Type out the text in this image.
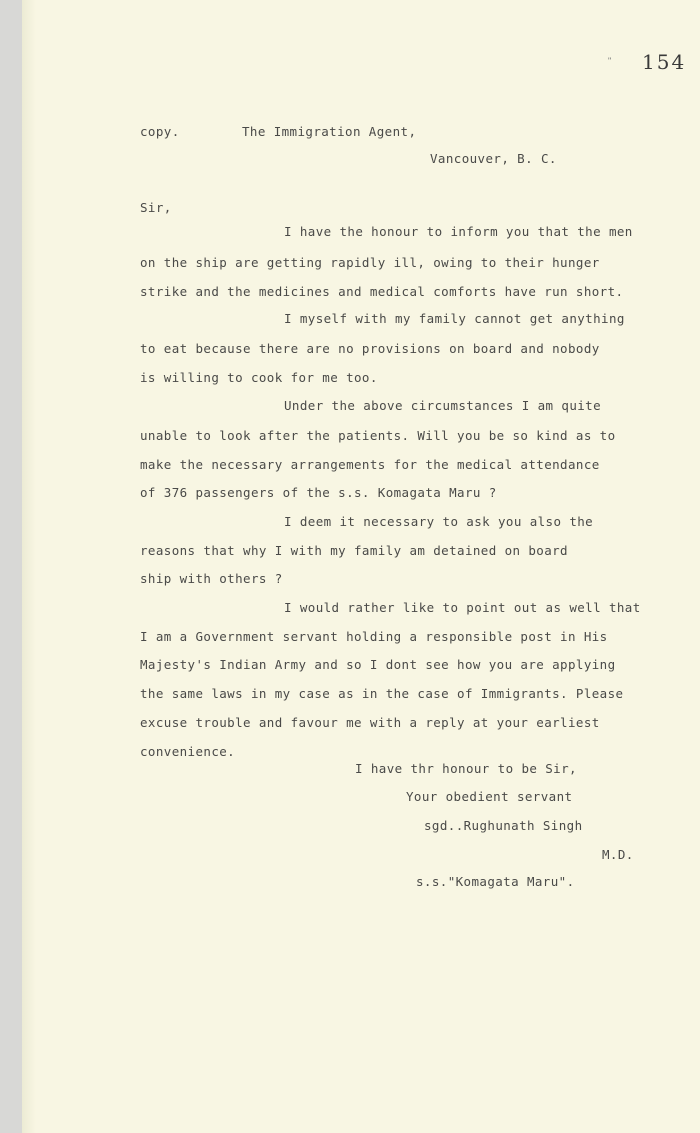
154
"
copy.	The Immigration Agent,
Vancouver, B. C.
Sir,
I have the honour to inform you that the men
on the ship are getting rapidly ill, owing to their hunger
strike and the medicines and medical comforts have run short.
I myself with my family cannot get anything
to eat because there are no provisions on board and nobody
is willing to cook for me too.
Under the above circumstances I am quite
unable to look after the patients. Will you be so kind as to
make the necessary arrangements for the medical attendance
of 376 passengers of the s.s. Komagata Maru ?
I deem it necessary to ask you also the
reasons that why I with my family am detained on board
ship with others ?
I would rather like to point out as well that
I am a Government servant holding a responsible post in His
Majesty's Indian Army and so I dont see how you are applying
the same laws in my case as in the case of Immigrants. Please
excuse trouble and favour me with a reply at your earliest
convenience.
I have thr honour to be Sir,
Your obedient servant
sgd..Rughunath Singh
M.D.
s.s."Komagata Maru".
